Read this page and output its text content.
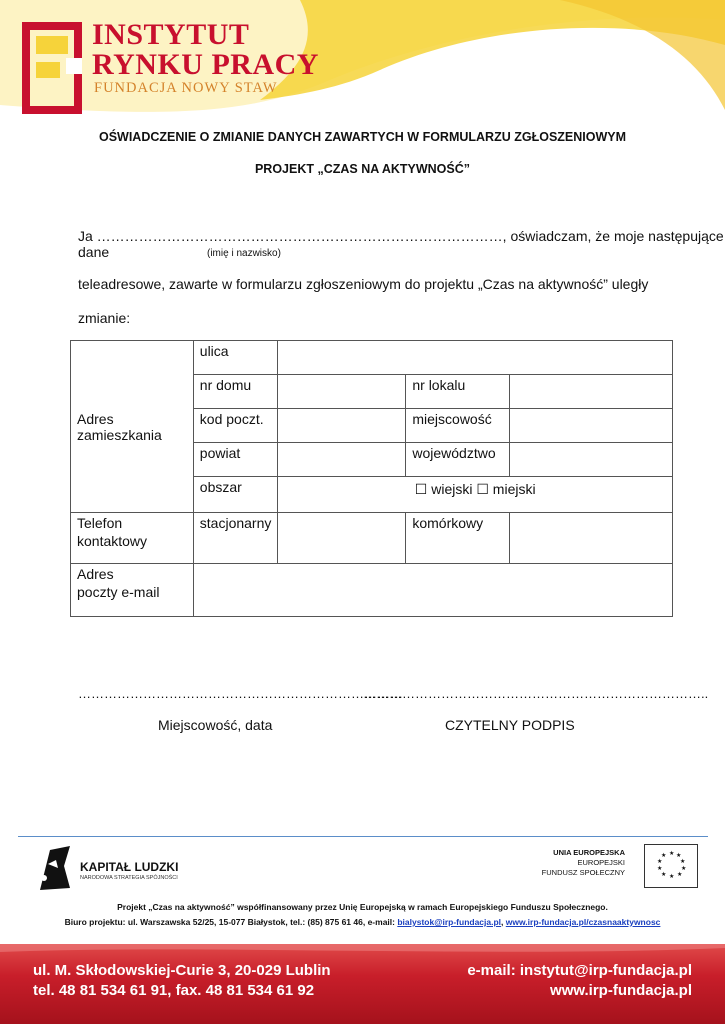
INSTYTUT
RYNKU PRACY
FUNDACJA NOWY STAW
OŚWIADCZENIE O ZMIANIE DANYCH ZAWARTYCH W FORMULARZU ZGŁOSZENIOWYM
PROJEKT „CZAS NA AKTYWNOŚĆ”
Ja ……………………………………………………………………………, oświadczam, że moje następujące dane	(imię i nazwisko)
teleadresowe, zawarte w formularzu zgłoszeniowym do projektu „Czas na aktywność” uległy
zmianie:
Adres
zamieszkania	ulica			
	nr domu		nr lokalu	
	kod poczt.		miejscowość	
	powiat		województwo	
	obszar	☐ wiejski ☐ miejski		

Telefon
kontaktowy	stacjonarny		komórkowy	

Adres
poczty e-mail				

…………………………………………………………………
……………………………………………………………………..
Miejscowość, data	CZYTELNY PODPIS
KAPITAŁ LUDZKI
NARODOWA STRATEGIA SPÓJNOŚCI
UNIA EUROPEJSKA
EUROPEJSKI
FUNDUSZ SPOŁECZNY
★ ★
★
★
★
★
★
★
★
★
Projekt „Czas na aktywność” współfinansowany przez Unię Europejską w ramach Europejskiego Funduszu Społecznego.
Biuro projektu: ul. Warszawska 52/25, 15-077 Białystok, tel.: (85) 875 61 46, e-mail: bialystok@irp-fundacja.pl, www.irp-fundacja.pl/czasnaaktywnosc
ul. M. Skłodowskiej-Curie 3, 20-029 Lublin
tel. 48 81 534 61 91, fax. 48 81 534 61 92
e-mail: instytut@irp-fundacja.pl
www.irp-fundacja.pl
